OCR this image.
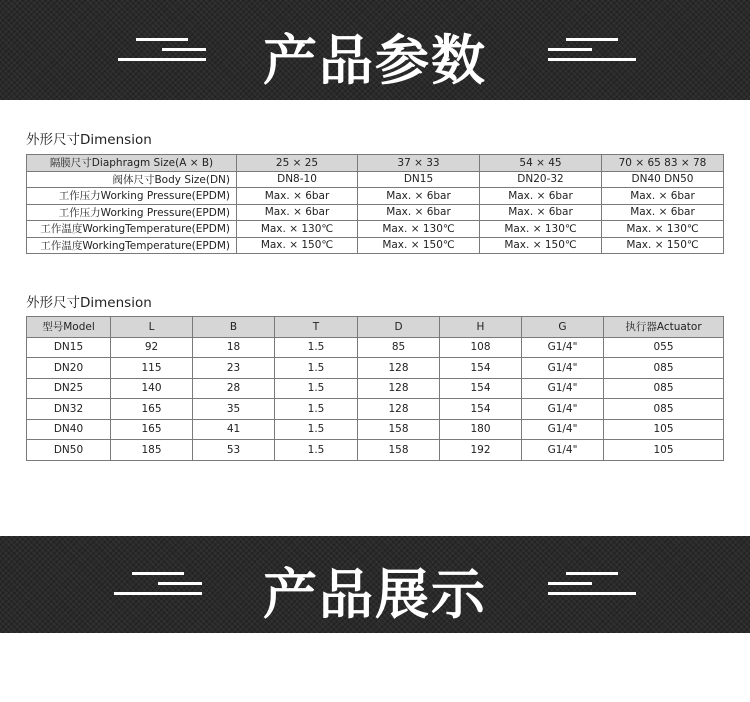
产品参数
外形尺寸Dimension
隔膜尺寸Diaphragm Size(A × B)	25 × 25	37 × 33	54 × 45	70 × 65 83 × 78
阀体尺寸Body Size(DN)	DN8-10	DN15	DN20-32	DN40 DN50
工作压力Working Pressure(EPDM)	Max. × 6bar	Max. × 6bar	Max. × 6bar	Max. × 6bar
工作压力Working Pressure(EPDM)	Max. × 6bar	Max. × 6bar	Max. × 6bar	Max. × 6bar
工作温度WorkingTemperature(EPDM)	Max. × 130℃	Max. × 130℃	Max. × 130℃	Max. × 130℃
工作温度WorkingTemperature(EPDM)	Max. × 150℃	Max. × 150℃	Max. × 150℃	Max. × 150℃
外形尺寸Dimension
型号Model	L	B	T	D	H	G	执行器Actuator
DN15	92	18	1.5	85	108	G1/4"	055
DN20	115	23	1.5	128	154	G1/4"	085
DN25	140	28	1.5	128	154	G1/4"	085
DN32	165	35	1.5	128	154	G1/4"	085
DN40	165	41	1.5	158	180	G1/4"	105
DN50	185	53	1.5	158	192	G1/4"	105
产品展示
